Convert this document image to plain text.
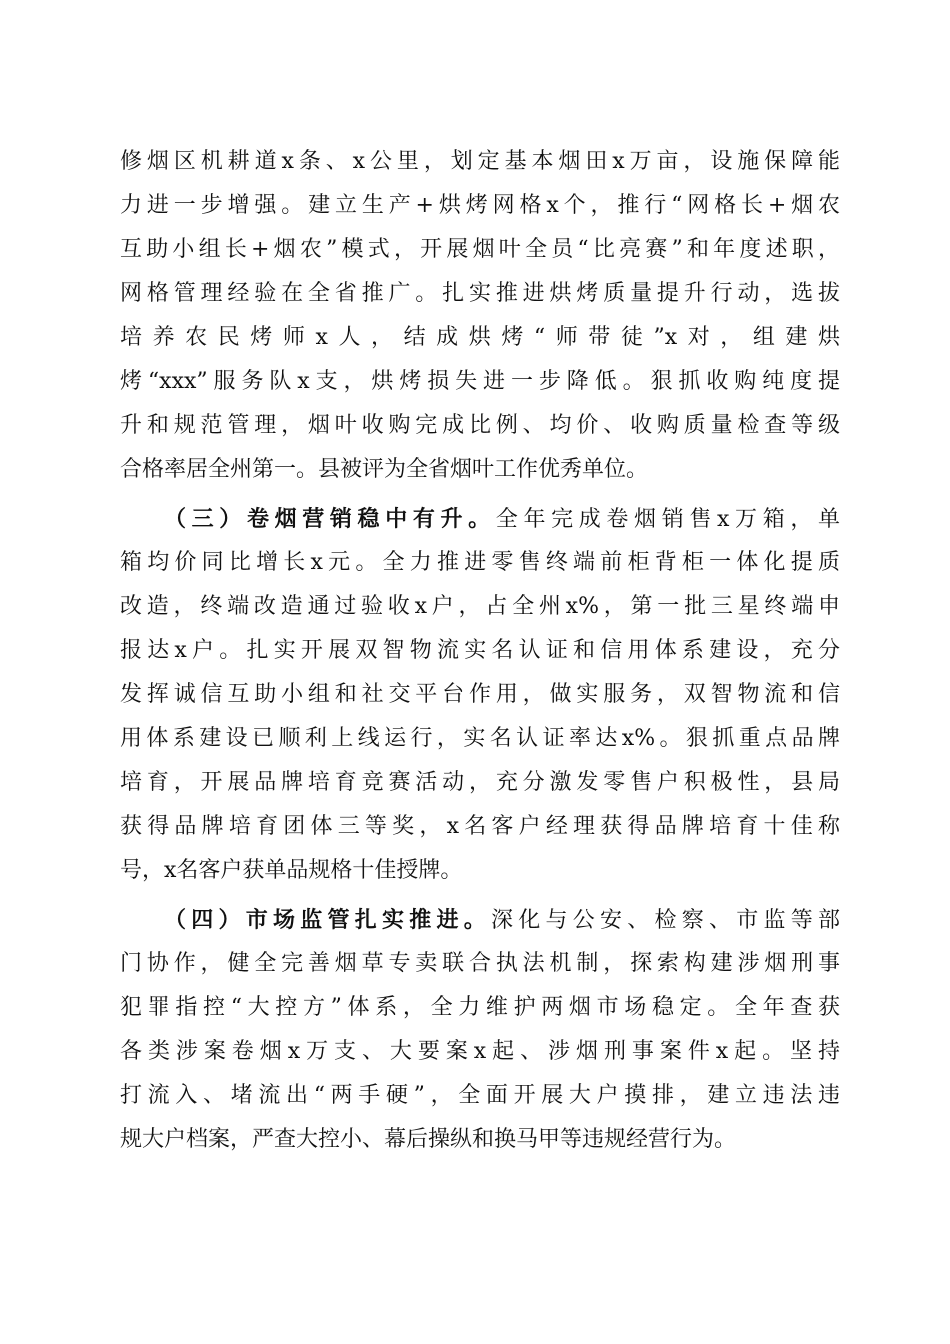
修烟区机耕道x条、x公里，划定基本烟田x万亩，设施保障能
力进一步增强。建立生产+烘烤网格x个，推行“网格长+烟农
互助小组长+烟农”模式，开展烟叶全员“比亮赛”和年度述职，
网格管理经验在全省推广。扎实推进烘烤质量提升行动，选拔
培养农民烤师x人，结成烘烤“师带徒”x对，组建烘
烤“xxx”服务队x支，烘烤损失进一步降低。狠抓收购纯度提
升和规范管理，烟叶收购完成比例、均价、收购质量检查等级
合格率居全州第一。县被评为全省烟叶工作优秀单位。
（三）卷烟营销稳中有升。全年完成卷烟销售x万箱，单
箱均价同比增长x元。全力推进零售终端前柜背柜一体化提质
改造，终端改造通过验收x户，占全州x%，第一批三星终端申
报达x户。扎实开展双智物流实名认证和信用体系建设，充分
发挥诚信互助小组和社交平台作用，做实服务，双智物流和信
用体系建设已顺利上线运行，实名认证率达x%。狠抓重点品牌
培育，开展品牌培育竞赛活动，充分激发零售户积极性，县局
获得品牌培育团体三等奖，x名客户经理获得品牌培育十佳称
号，x名客户获单品规格十佳授牌。
（四）市场监管扎实推进。深化与公安、检察、市监等部
门协作，健全完善烟草专卖联合执法机制，探索构建涉烟刑事
犯罪指控“大控方”体系，全力维护两烟市场稳定。全年查获
各类涉案卷烟x万支、大要案x起、涉烟刑事案件x起。坚持
打流入、堵流出“两手硬”，全面开展大户摸排，建立违法违
规大户档案，严查大控小、幕后操纵和换马甲等违规经营行为。
